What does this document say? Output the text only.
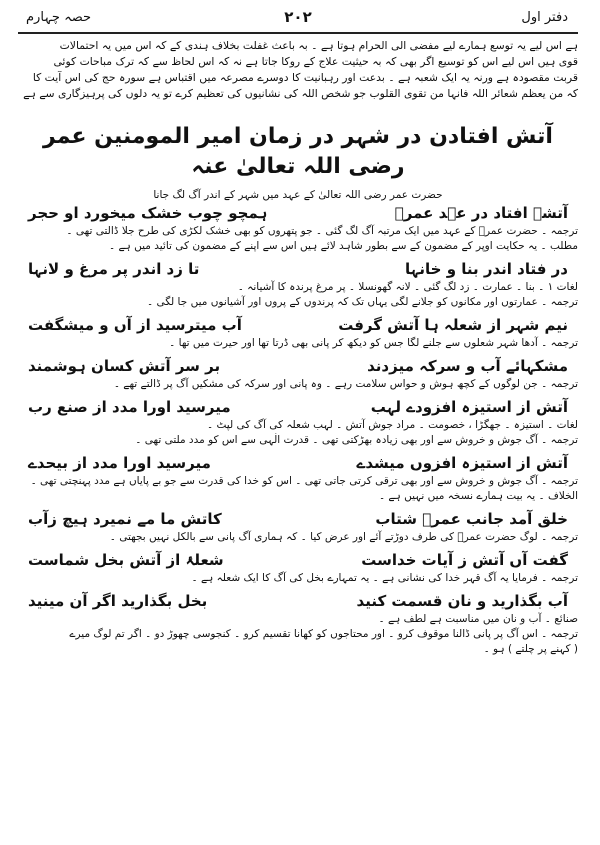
دفتر اول
۲۰۲
حصہ چہارم
ہے اس لیے یہ توسع ہمارے لیے مفضی الی الحرام ہوتا ہے ۔ بہ باعث غفلت بخلاف ہندی کے کہ اس میں یہ احتمالات
قوی ہیں اس لیے اس کو توسیع اگر بھی کہ بہ حیثیت علاج کے روکا جاتا ہے نہ کہ اس لحاظ سے کہ ترک مباحات کوئی
قربت مقصودہ ہے ورنہ یہ ایک شعبہ ہے ۔ بدعت اور رہبانیت کا دوسرے مصرعہ میں اقتباس ہے سورہ حج کی اس آیت کا
کہ من یعظم شعائر اللہ فانہا من تقوی القلوب جو شخص اللہ کی نشانیوں کی تعظیم کرے تو یہ دلوں کی پرہیزگاری سے ہے
آتش افتادن در شہر در زمان امیر المومنین عمر رضی اللہ تعالیٰ عنہ
حضرت عمر رضی اللہ تعالیٰ کے عہد میں شہر کے اندر آگ لگ جانا
آتشے افتاد در عہد عمرؓ
ہمچو چوب خشک میخورد او حجر
ترجمہ ۔ حضرت عمرؓ کے عہد میں ایک مرتبہ آگ لگ گئی ۔ جو پتھروں کو بھی خشک لکڑی کی طرح جلا ڈالتی تھی ۔
مطلب ۔ یہ حکایت اوپر کے مضمون کے سے بطور شاہد لائے ہیں اس سے اپنے کے مضمون کی تائید میں ہے ۔
در فتاد اندر بنا و خانہا
تا زد اندر پر مرغ و لانہا
لغات ۱ ۔ بنا ۔ عمارت ۔ زد لگ گئی ۔ لانہ گھونسلا ۔ پر مرغ پرندہ کا آشیانہ ۔
ترجمہ ۔ عمارتوں اور مکانوں کو جلانے لگی یہاں تک کہ پرندوں کے پروں اور آشیانوں میں جا لگی ۔
نیم شہر از شعلہ ہا آتش گرفت
آب میترسید از آں و میشگفت
ترجمہ ۔ آدھا شہر شعلوں سے جلنے لگا جس کو دیکھ کر پانی بھی ڈرتا تھا اور حیرت میں تھا ۔
مشکہائے آب و سرکہ میزدند
بر سر آتش کسان ہوشمند
ترجمہ ۔ جن لوگوں کے کچھ ہوش و حواس سلامت رہے ۔ وہ پانی اور سرکہ کی مشکیں آگ پر ڈالتے تھے ۔
آتش از استیزہ افزودے لہب
میرسید اورا مدد از صنع رب
لغات ۔ استیزہ ۔ جھگڑا ، خصومت ۔ مراد جوش آتش ۔ لہب شعلہ کی آگ کی لپٹ ۔
ترجمہ ۔ آگ جوش و خروش سے اور بھی زیادہ بھڑکتی تھی ۔ قدرت الٰہی سے اس کو مدد ملتی تھی ۔
آتش از استیزہ افزوں میشدے
میرسید اورا مدد از بیحدے
ترجمہ ۔ آگ جوش و خروش سے اور بھی ترقی کرتی جاتی تھی ۔ اس کو خدا کی قدرت سے جو بے پایاں ہے مدد پہنچتی تھی ۔
الخلاف ۔ یہ بیت ہمارے نسخہ میں نہیں ہے ۔
خلق آمد جانب عمرؓ شتاب
کاتش ما مے نمیرد ہیچ زآب
ترجمہ ۔ لوگ حضرت عمرؓ کی طرف دوڑتے آئے اور عرض کیا ۔ کہ ہماری آگ پانی سے بالکل نہیں بجھتی ۔
گفت آں آتش ز آیات خداست
شعلۂ از آتش بخل شماست
ترجمہ ۔ فرمایا یہ آگ قہر خدا کی نشانی ہے ۔ یہ تمہارے بخل کی آگ کا ایک شعلہ ہے ۔
آب بگذارید و نان قسمت کنید
بخل بگذارید اگر آن مینید
صنائع ۔ آب و نان میں مناسبت ہے لطف ہے ۔
ترجمہ ۔ اس آگ پر پانی ڈالنا موقوف کرو ۔ اور محتاجوں کو کھانا تقسیم کرو ۔ کنجوسی چھوڑ دو ۔ اگر تم لوگ میرے
( کہنے پر چلتے ) ہو ۔
